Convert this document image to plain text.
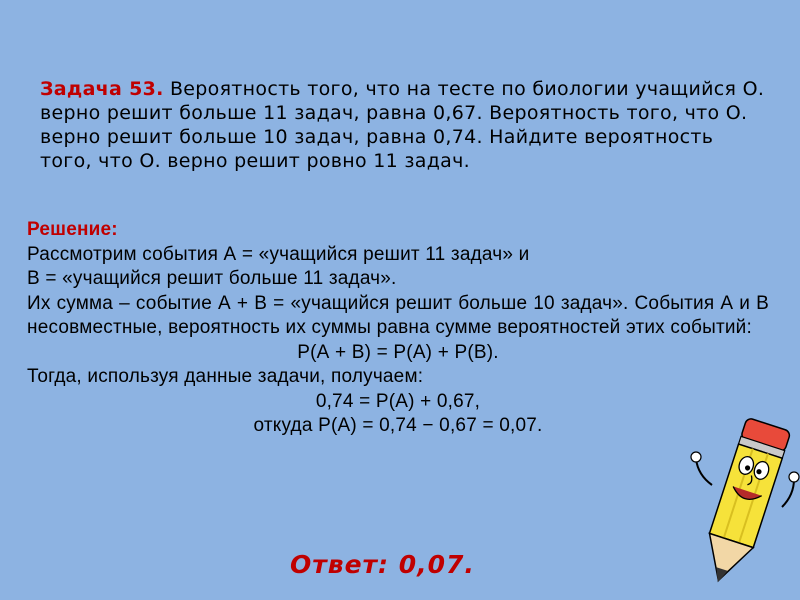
Задача 53. Вероятность того, что на тесте по биологии учащийся О. верно решит больше 11 задач, равна 0,67. Вероятность того, что О. верно решит больше 10 задач, равна 0,74. Найдите вероятность того, что О. верно решит ровно 11 задач.
Решение:
Рассмотрим события А = «учащийся решит 11 задач» и
В = «учащийся решит больше 11 задач».
Их сумма – событие А + В = «учащийся решит больше 10 задач». События А и В несовместные, вероятность их суммы равна сумме вероятностей этих событий:
Р(А + В) = Р(А) + Р(В).
Тогда, используя данные задачи, получаем:
0,74 = Р(А) + 0,67,
откуда Р(А) = 0,74 − 0,67 = 0,07.
Ответ: 0,07.
